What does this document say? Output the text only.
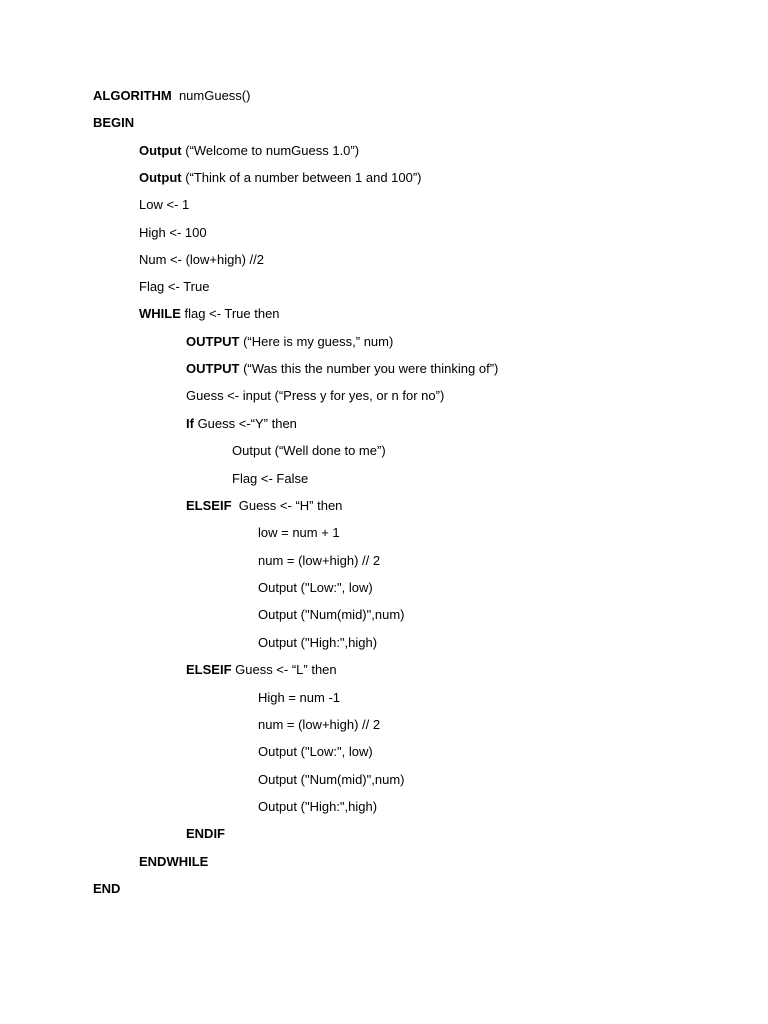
ALGORITHM  numGuess()
BEGIN
Output (“Welcome to numGuess 1.0”)
Output (“Think of a number between 1 and 100”)
Low <- 1
High <- 100
Num <- (low+high) //2
Flag <- True
WHILE flag <- True then
OUTPUT (“Here is my guess,” num)
OUTPUT (“Was this the number you were thinking of”)
Guess <- input (“Press y for yes, or n for no”)
If Guess <-“Y” then
Output (“Well done to me”)
Flag <- False
ELSEIF  Guess <- “H” then
low = num + 1
num = (low+high) // 2
Output ("Low:", low)
Output ("Num(mid)",num)
Output ("High:",high)
ELSEIF Guess <- “L” then
High = num -1
num = (low+high) // 2
Output ("Low:", low)
Output ("Num(mid)",num)
Output ("High:",high)
ENDIF
ENDWHILE
END
